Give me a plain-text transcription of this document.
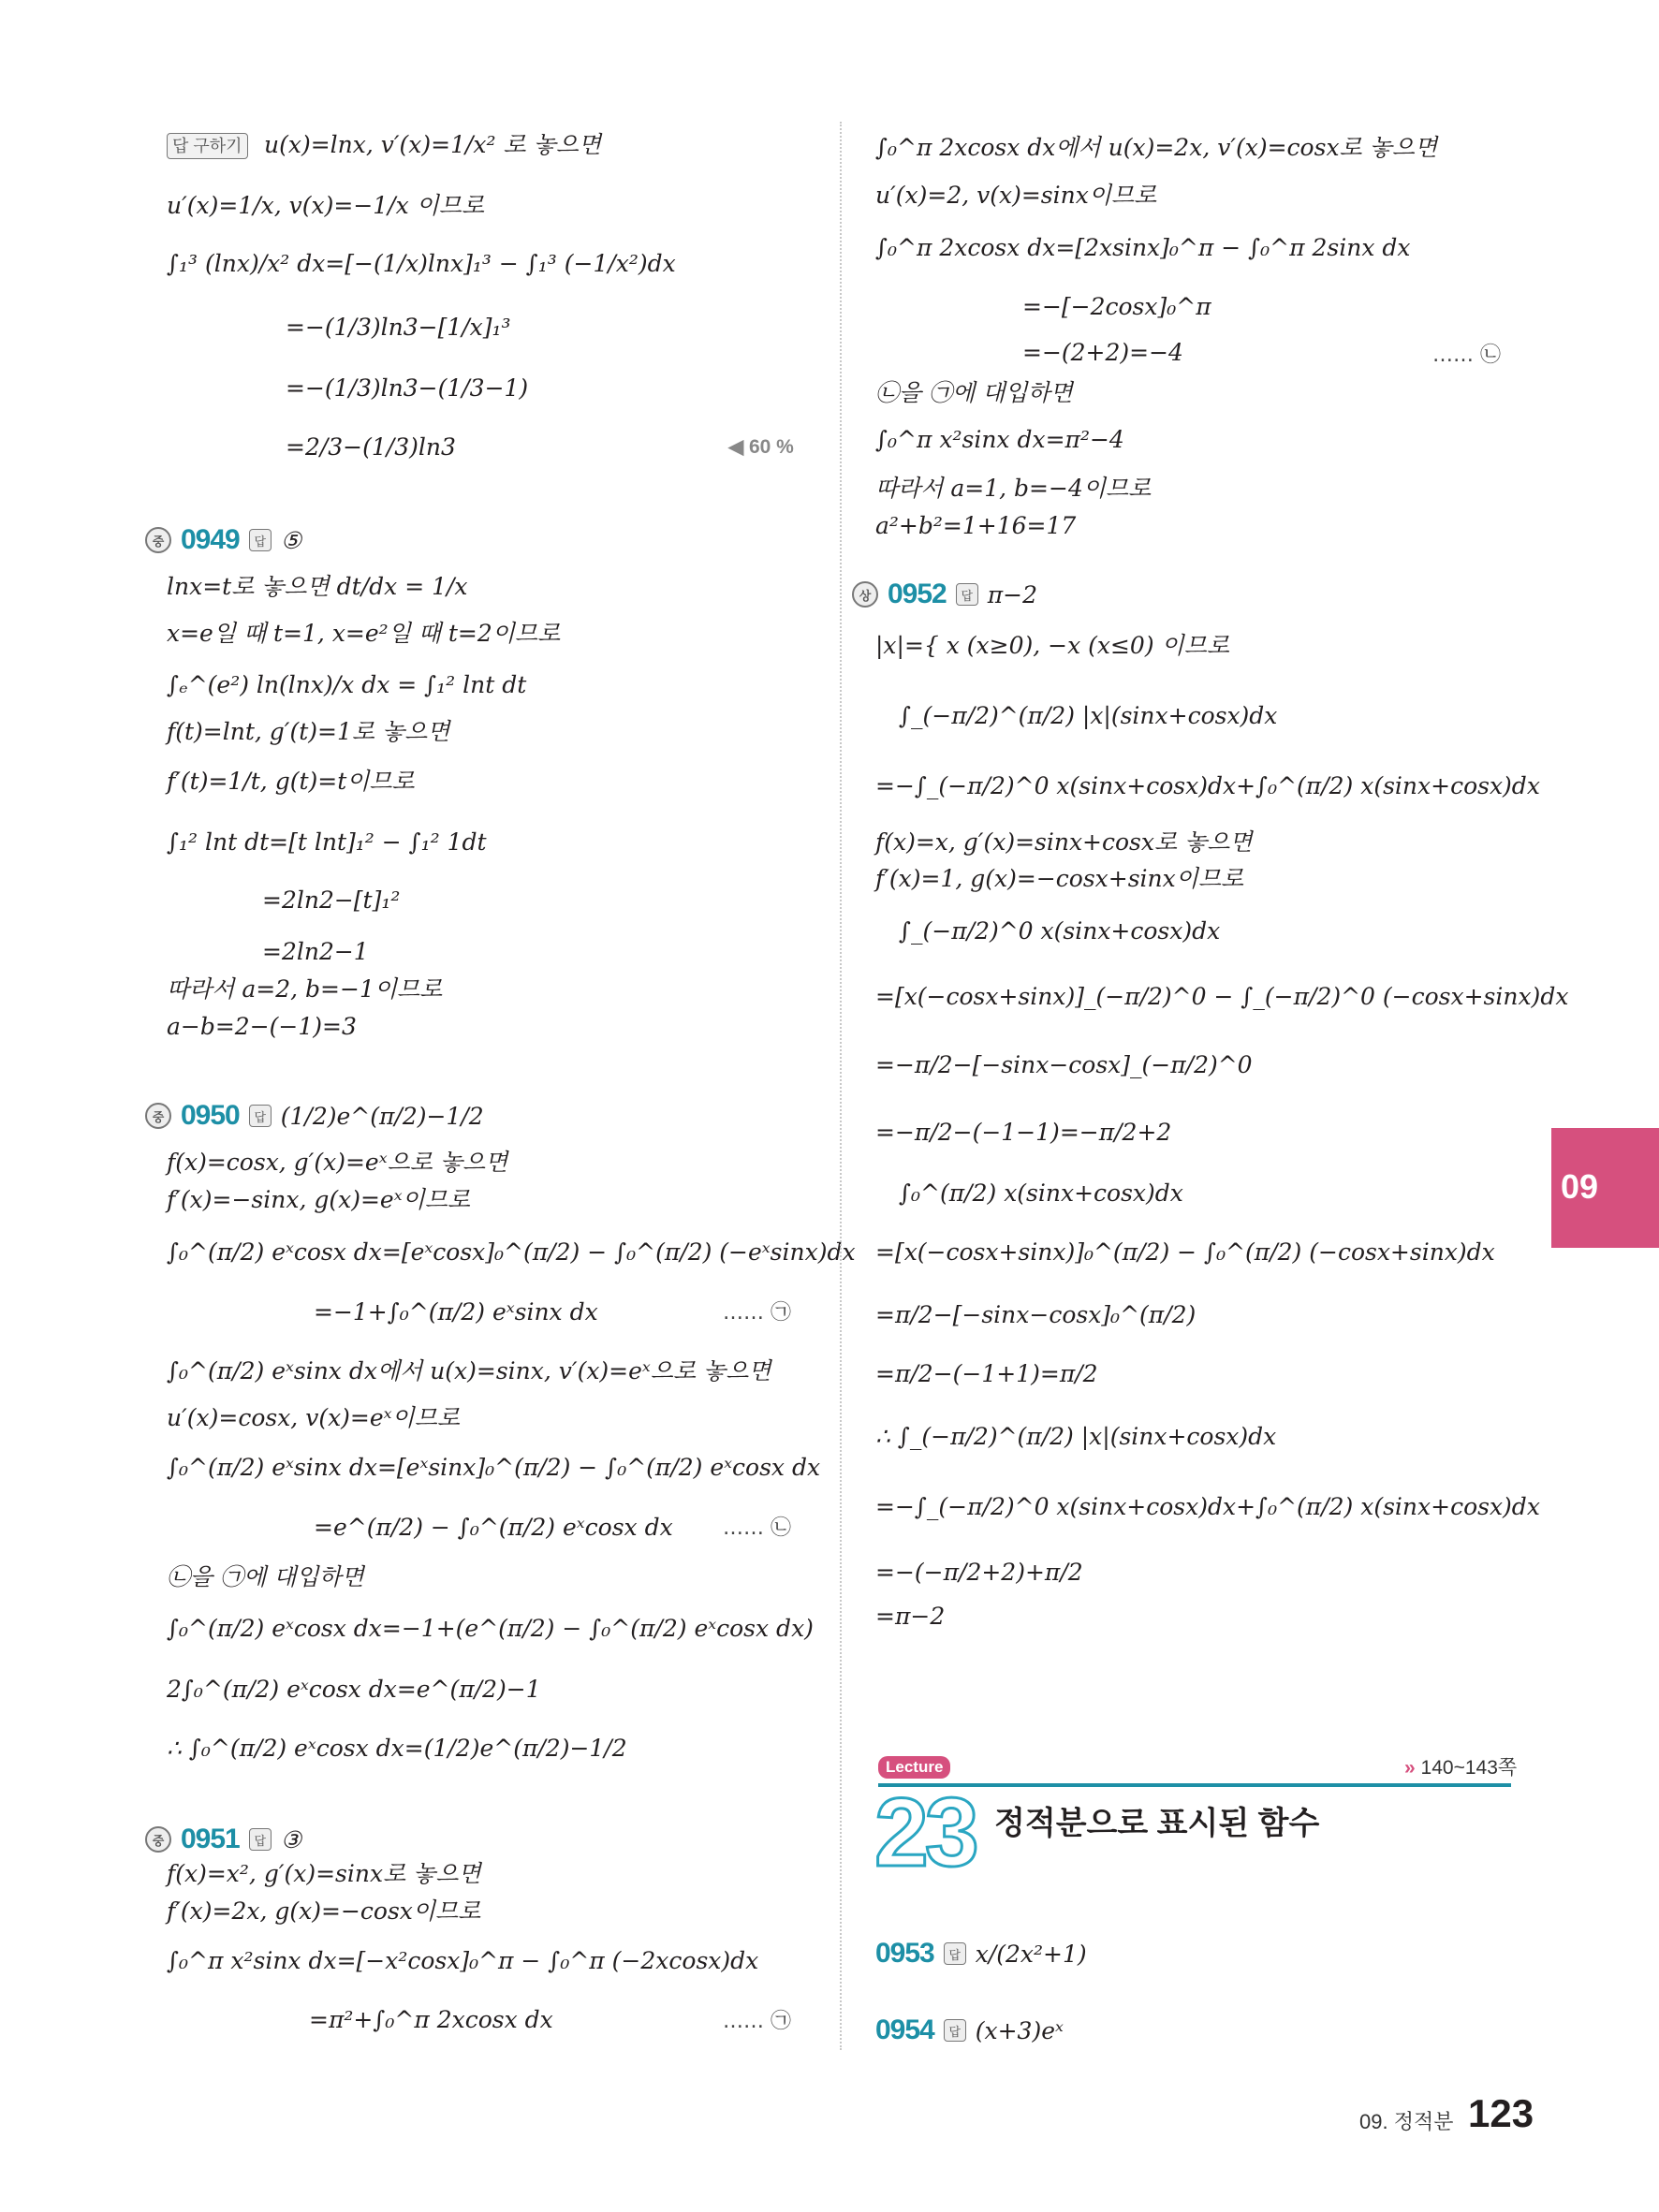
답 구하기 u(x)=lnx, v′(x)=1/x² 로 놓으면
u′(x)=1/x, v(x)=−1/x 이므로
∫₁³ (lnx)/x² dx=[−(1/x)lnx]₁³ − ∫₁³ (−1/x²)dx
=−(1/3)ln3−[1/x]₁³
=−(1/3)ln3−(1/3−1)
=2/3−(1/3)ln3	◀ 60 %
중 0949	답 ⑤
lnx=t로 놓으면 dt/dx = 1/x
x=e일 때 t=1, x=e²일 때 t=2이므로
∫ₑ^(e²) ln(lnx)/x dx = ∫₁² lnt dt
f(t)=lnt, g′(t)=1로 놓으면
f′(t)=1/t, g(t)=t이므로
∫₁² lnt dt=[t lnt]₁² − ∫₁² 1dt
=2ln2−[t]₁²
=2ln2−1
따라서 a=2, b=−1이므로
a−b=2−(−1)=3
중 0950	답 (1/2)e^(π/2)−1/2
f(x)=cosx, g′(x)=eˣ으로 놓으면
f′(x)=−sinx, g(x)=eˣ이므로
∫₀^(π/2) eˣcosx dx=[eˣcosx]₀^(π/2) − ∫₀^(π/2) (−eˣsinx)dx
=−1+∫₀^(π/2) eˣsinx dx	…… ㉠
∫₀^(π/2) eˣsinx dx에서 u(x)=sinx, v′(x)=eˣ으로 놓으면
u′(x)=cosx, v(x)=eˣ이므로
∫₀^(π/2) eˣsinx dx=[eˣsinx]₀^(π/2) − ∫₀^(π/2) eˣcosx dx
=e^(π/2) − ∫₀^(π/2) eˣcosx dx …… ㉡
㉡을 ㉠에 대입하면
∫₀^(π/2) eˣcosx dx=−1+(e^(π/2) − ∫₀^(π/2) eˣcosx dx)
2∫₀^(π/2) eˣcosx dx=e^(π/2)−1
∴ ∫₀^(π/2) eˣcosx dx=(1/2)e^(π/2)−1/2
중 0951	답 ③
f(x)=x², g′(x)=sinx로 놓으면
f′(x)=2x, g(x)=−cosx이므로
∫₀^π x²sinx dx=[−x²cosx]₀^π − ∫₀^π (−2xcosx)dx
=π²+∫₀^π 2xcosx dx	…… ㉠
∫₀^π 2xcosx dx에서 u(x)=2x, v′(x)=cosx로 놓으면
u′(x)=2, v(x)=sinx이므로
∫₀^π 2xcosx dx=[2xsinx]₀^π − ∫₀^π 2sinx dx
=−[−2cosx]₀^π
=−(2+2)=−4	…… ㉡
㉡을 ㉠에 대입하면
∫₀^π x²sinx dx=π²−4
따라서 a=1, b=−4이므로
a²+b²=1+16=17
상 0952	답 π−2
|x|={ x (x≥0), −x (x≤0) 이므로
∫_(−π/2)^(π/2) |x|(sinx+cosx)dx
=−∫_(−π/2)^0 x(sinx+cosx)dx+∫₀^(π/2) x(sinx+cosx)dx
f(x)=x, g′(x)=sinx+cosx로 놓으면
f′(x)=1, g(x)=−cosx+sinx이므로
∫_(−π/2)^0 x(sinx+cosx)dx
=[x(−cosx+sinx)]_(−π/2)^0 − ∫_(−π/2)^0 (−cosx+sinx)dx
=−π/2−[−sinx−cosx]_(−π/2)^0
=−π/2−(−1−1)=−π/2+2
∫₀^(π/2) x(sinx+cosx)dx
=[x(−cosx+sinx)]₀^(π/2) − ∫₀^(π/2) (−cosx+sinx)dx
=π/2−[−sinx−cosx]₀^(π/2)
=π/2−(−1+1)=π/2
∴ ∫_(−π/2)^(π/2) |x|(sinx+cosx)dx
=−∫_(−π/2)^0 x(sinx+cosx)dx+∫₀^(π/2) x(sinx+cosx)dx
=−(−π/2+2)+π/2
=π−2
09
Lecture	» 140~143쪽
23 정적분으로 표시된 함수
0953	답 x/(2x²+1)
0954	답 (x+3)eˣ
09. 정적분 123
